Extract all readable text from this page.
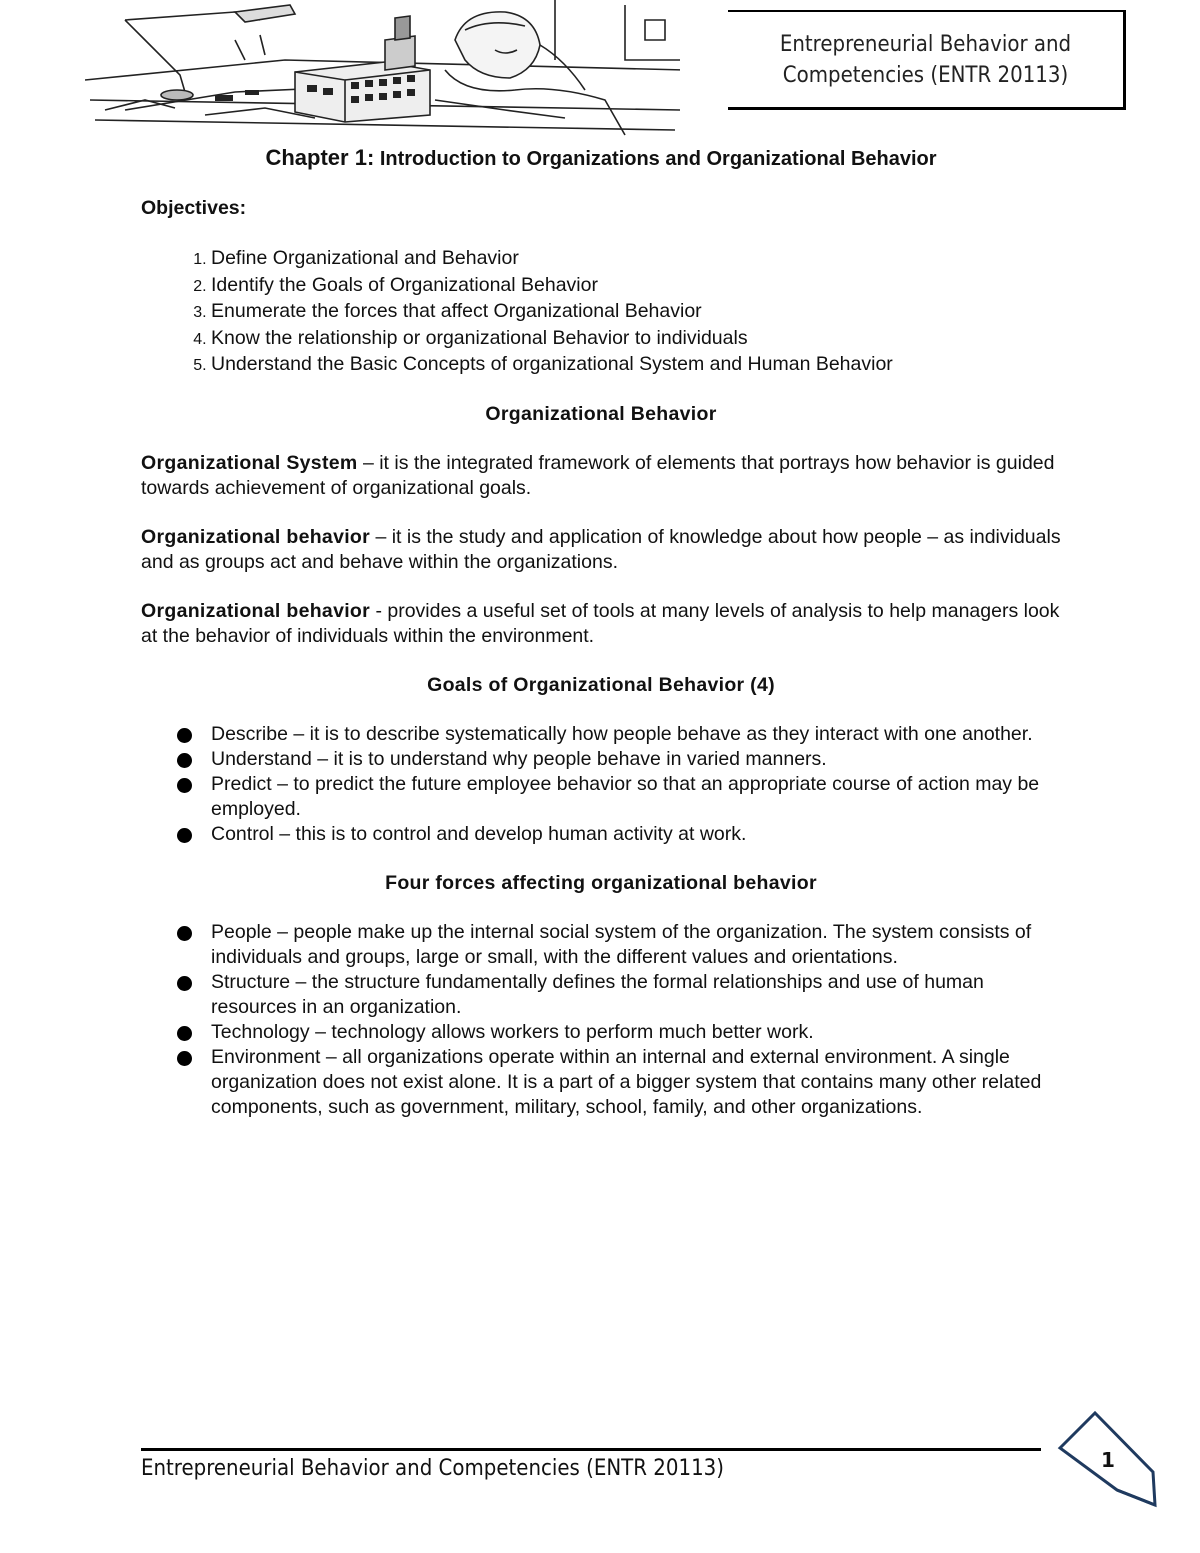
Entrepreneurial Behavior and Competencies (ENTR 20113)
Chapter 1: Introduction to Organizations and Organizational Behavior
Objectives:
1. Define Organizational and Behavior
2. Identify the Goals of Organizational Behavior
3. Enumerate the forces that affect Organizational Behavior
4. Know the relationship or organizational Behavior to individuals
5. Understand the Basic Concepts of organizational System and Human Behavior
Organizational Behavior

Organizational System – it is the integrated framework of elements that portrays how behavior is guided towards achievement of organizational goals.

Organizational behavior – it is the study and application of knowledge about how people – as individuals and as groups act and behave within the organizations.

Organizational behavior - provides a useful set of tools at many levels of analysis to help managers look at the behavior of individuals within the environment.

Goals of Organizational Behavior (4)
Describe – it is to describe systematically how people behave as they interact with one another.
Understand – it is to understand why people behave in varied manners.
Predict – to predict the future employee behavior so that an appropriate course of action may be employed.
Control – this is to control and develop human activity at work.
Four forces affecting organizational behavior
People – people make up the internal social system of the organization. The system consists of individuals and groups, large or small, with the different values and orientations.
Structure – the structure fundamentally defines the formal relationships and use of human resources in an organization.
Technology – technology allows workers to perform much better work.
Environment – all organizations operate within an internal and external environment. A single organization does not exist alone. It is a part of a bigger system that contains many other related components, such as government, military, school, family, and other organizations.
Entrepreneurial Behavior and Competencies (ENTR 20113)	1
